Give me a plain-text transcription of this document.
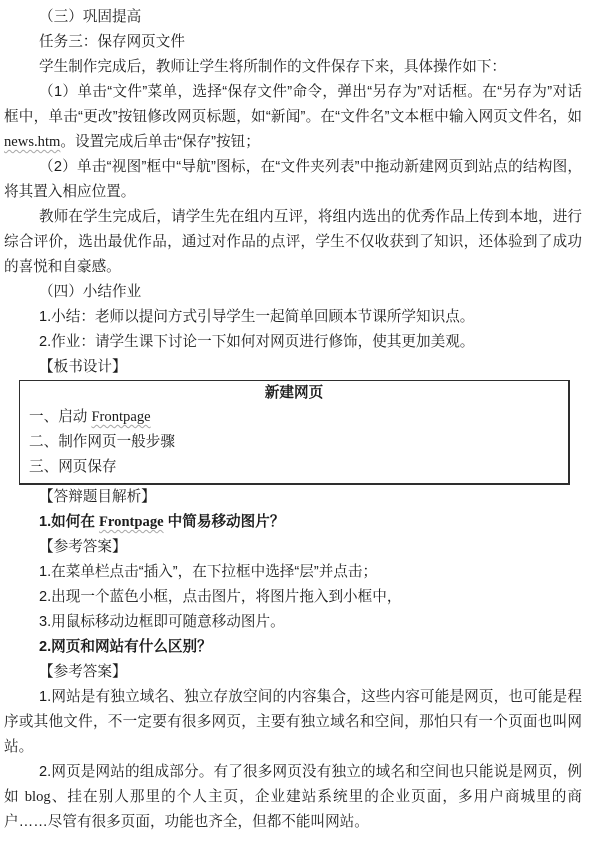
（三）巩固提高

任务三：保存网页文件

学生制作完成后，教师让学生将所制作的文件保存下来，具体操作如下：

（1）单击“文件”菜单，选择“保存文件”命令，弹出“另存为”对话框。在“另存为”对话框中，单击“更改”按钮修改网页标题，如“新闻”。在“文件名”文本框中输入网页文件名，如 news.htm。设置完成后单击“保存”按钮；

（2）单击“视图”框中“导航”图标，在“文件夹列表”中拖动新建网页到站点的结构图，将其置入相应位置。

教师在学生完成后，请学生先在组内互评，将组内选出的优秀作品上传到本地，进行综合评价，选出最优作品，通过对作品的点评，学生不仅收获到了知识，还体验到了成功的喜悦和自豪感。

（四）小结作业

1.小结：老师以提问方式引导学生一起简单回顾本节课所学知识点。

2.作业：请学生课下讨论一下如何对网页进行修饰，使其更加美观。

【板书设计】

新建网页

一、启动 Frontpage

二、制作网页一般步骤

三、网页保存

【答辩题目解析】

1.如何在 Frontpage 中简易移动图片？

【参考答案】

1.在菜单栏点击“插入”，在下拉框中选择“层”并点击；

2.出现一个蓝色小框，点击图片，将图片拖入到小框中，

3.用鼠标移动边框即可随意移动图片。

2.网页和网站有什么区别？

【参考答案】

1.网站是有独立域名、独立存放空间的内容集合，这些内容可能是网页，也可能是程序或其他文件，不一定要有很多网页，主要有独立域名和空间，那怕只有一个页面也叫网站。

2.网页是网站的组成部分。有了很多网页没有独立的域名和空间也只能说是网页，例如 blog、挂在别人那里的个人主页，企业建站系统里的企业页面，多用户商城里的商户……尽管有很多页面，功能也齐全，但都不能叫网站。
